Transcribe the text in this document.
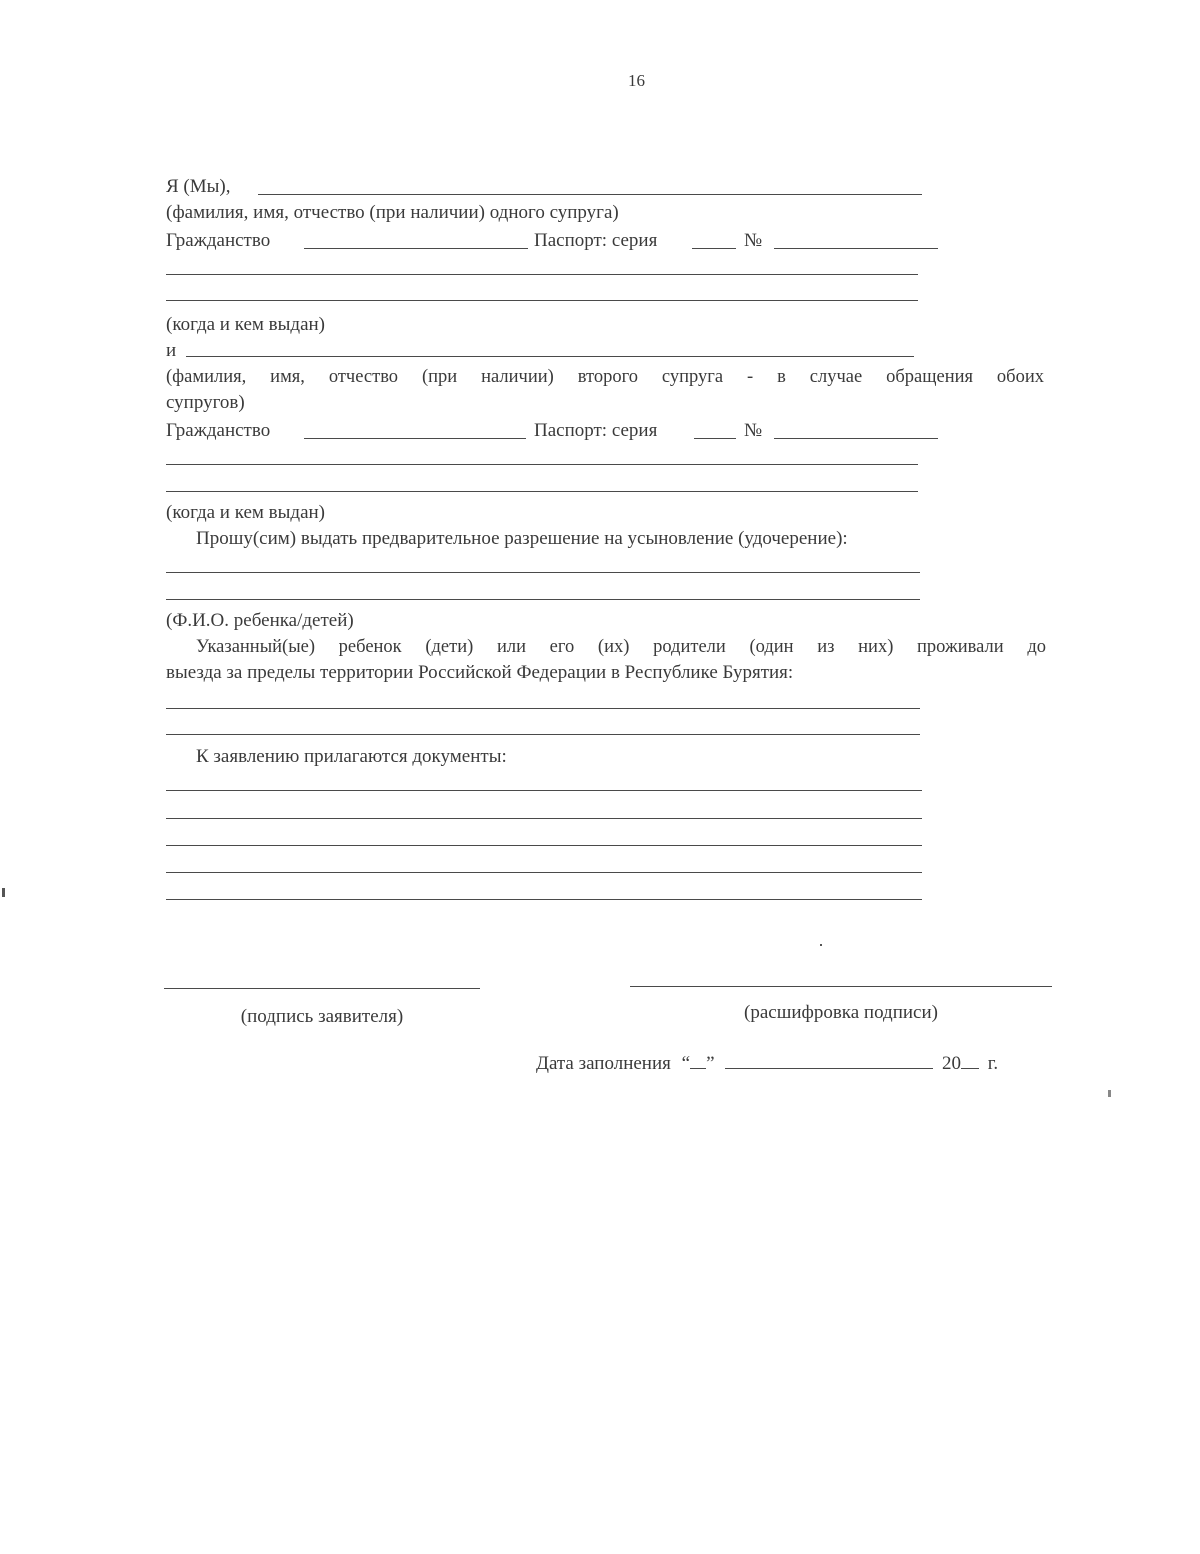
16
Я (Мы),
(фамилия, имя, отчество (при наличии) одного супруга)
Гражданство	Паспорт: серия	№
(когда и кем выдан)
и
(фамилия, имя, отчество (при наличии) второго супруга - в случае обращения обоих
супругов)
Гражданство	Паспорт: серия	№
(когда и кем выдан)
Прошу(сим) выдать предварительное разрешение на усыновление (удочерение):
(Ф.И.О. ребенка/детей)
Указанный(ые) ребенок (дети) или его (их) родители (один из них) проживали до
выезда за пределы территории Российской Федерации в Республике Бурятия:
К заявлению прилагаются документы:
(подпись заявителя)	(расшифровка подписи)
Дата заполнения “ ”	20 г.
